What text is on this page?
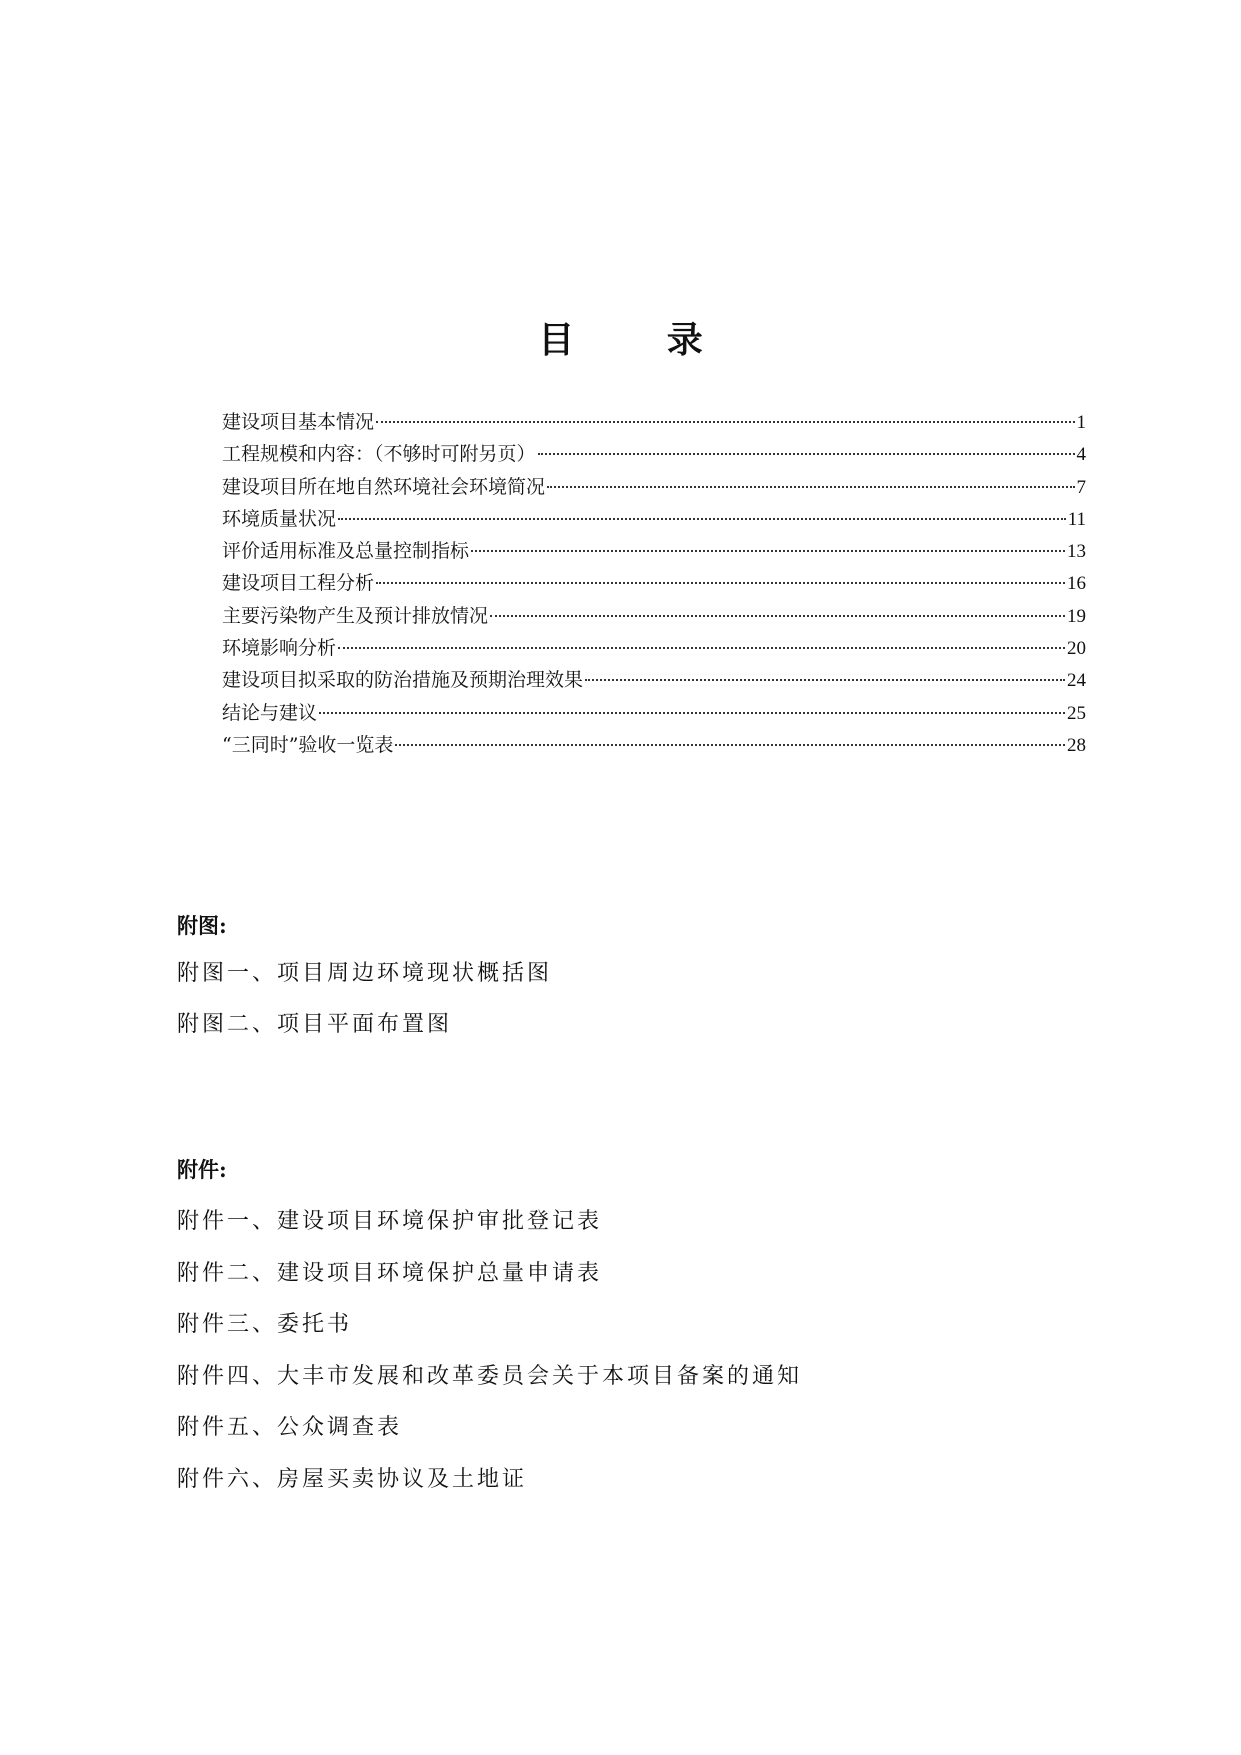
目 录
建设项目基本情况	1
工程规模和内容：（不够时可附另页）	4
建设项目所在地自然环境社会环境简况	7
环境质量状况	11
评价适用标准及总量控制指标	13
建设项目工程分析	16
主要污染物产生及预计排放情况	19
环境影响分析	20
建设项目拟采取的防治措施及预期治理效果	24
结论与建议	25
“三同时”验收一览表	28
附图:
附图一、项目周边环境现状概括图
附图二、项目平面布置图
附件:
附件一、建设项目环境保护审批登记表
附件二、建设项目环境保护总量申请表
附件三、委托书
附件四、大丰市发展和改革委员会关于本项目备案的通知
附件五、公众调查表
附件六、房屋买卖协议及土地证
